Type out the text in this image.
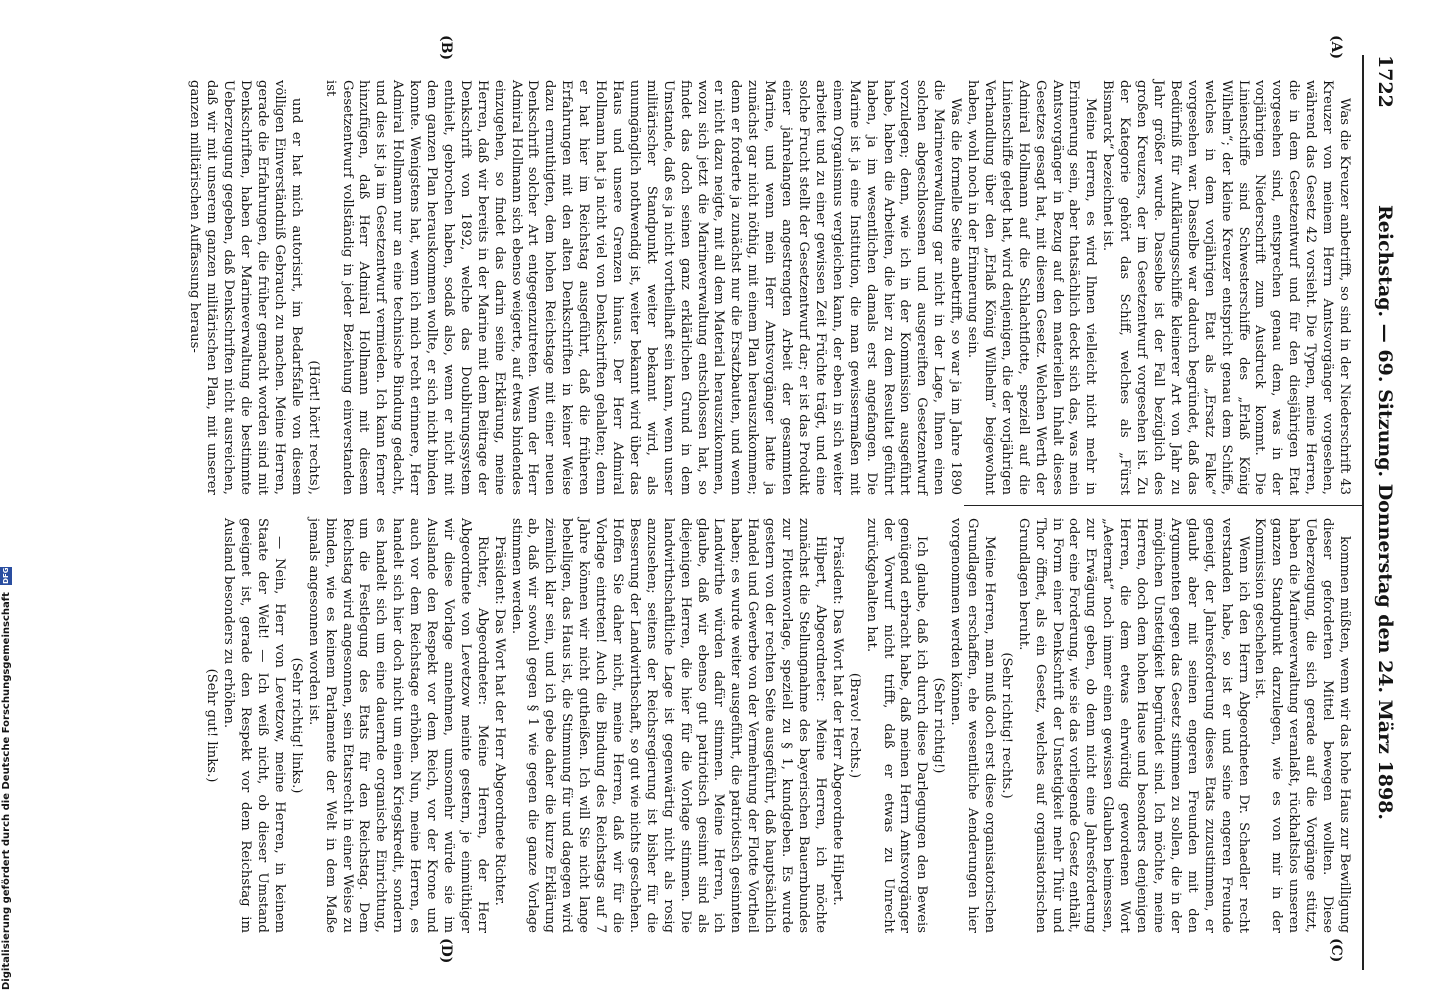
1722
Reichstag. — 69. Sitzung. Donnerstag den 24. März 1898.
(A)
(B)
(C)
(D)

Was die Kreuzer anbetrifft, so sind in der Niederschrift 43 Kreuzer von meinem Herrn Amtsvorgänger vorgesehen, während das Gesetz 42 vorsieht. Die Typen, meine Herren, die in dem Gesetzentwurf und für den diesjährigen Etat vorgesehen sind, entsprechen genau dem, was in der vorjährigen Niederschrift zum Ausdruck kommt. Die Linienschiffe sind Schwesterschiffe des „Erlaß König Wilhelm“; der kleine Kreuzer entspricht genau dem Schiffe, welches in dem vorjährigen Etat als „Ersatz Falke“ vorgesehen war. Dasselbe war dadurch begründet, daß das Bedürfniß für Aufklärungsschiffe kleinerer Art von Jahr zu Jahr größer wurde. Dasselbe ist der Fall bezüglich des großen Kreuzers, der im Gesetzentwurf vorgesehen ist. Zu der Kategorie gehört das Schiff, welches als „Fürst Bismarck“ bezeichnet ist.

Meine Herren, es wird Ihnen vielleicht nicht mehr in Erinnerung sein, aber thatsächlich deckt sich das, was mein Amtsvorgänger in Bezug auf den materiellen Inhalt dieses Gesetzes gesagt hat, mit diesem Gesetz. Welchen Werth der Admiral Hollmann auf die Schlachtflotte, speziell auf die Linienschiffe gelegt hat, wird denjenigen, die der vorjährigen Verhandlung über den „Erlaß König Wilhelm“ beigewohnt haben, wohl noch in der Erinnerung sein.

Was die formelle Seite anbetrifft, so war ja im Jahre 1890 die Marineverwaltung gar nicht in der Lage, Ihnen einen solchen abgeschlossenen und ausgereiften Gesetzentwurf vorzulegen; denn, wie ich in der Kommission ausgeführt habe, haben die Arbeiten, die hier zu dem Resultat geführt haben, ja im wesentlichen damals erst angefangen. Die Marine ist ja eine Institution, die man gewissermaßen mit einem Organismus vergleichen kann, der eben in sich weiter arbeitet und zu einer gewissen Zeit Früchte trägt, und eine solche Frucht stellt der Gesetzentwurf dar; er ist das Produkt einer jahrelangen angestrengten Arbeit der gesammten Marine, und wenn mein Herr Amtsvorgänger hatte ja zunächst gar nicht nöthig, mit einem Plan herauszukommen; denn er forderte ja zunächst nur die Ersatzbauten, und wenn er nicht dazu neigte, mit all dem Material herauszukommen, wozu sich jetzt die Marineverwaltung entschlossen hat, so findet das doch seinen ganz erklärlichen Grund in dem Umstande, daß es ja nicht vortheilhaft sein kann, wenn unser militärischer Standpunkt weiter bekannt wird, als unumgänglich nothwendig ist, weiter bekannt wird über das Haus und unsere Grenzen hinaus. Der Herr Admiral Hollmann hat ja nicht viel von Denkschriften gehalten; denn er hat hier im Reichstag ausgeführt, daß die früheren Erfahrungen mit den alten Denkschriften in keiner Weise dazu ermuthigten, dem hohen Reichstage mit einer neuen Denkschrift solcher Art entgegenzutreten. Wenn der Herr Admiral Hollmann sich ebenso weigerte, auf etwas bindendes einzugehen, so findet das darin seine Erklärung, meine Herren, daß wir bereits in der Marine mit dem Beitrage der Denkschrift von 1892, welche das Doublirungssystem enthielt, gebrochen haben, sodaß also, wenn er nicht mit dem ganzen Plan herauskommen wollte, er sich nicht binden konnte. Wenigstens hat, wenn ich mich recht erinnere, Herr Admiral Hollmann nur an eine technische Bindung gedacht, und dies ist ja im Gesetzentwurf vermieden. Ich kann ferner hinzufügen, daß Herr Admiral Hollmann mit diesem Gesetzentwurf vollständig in jeder Beziehung einverstanden ist

(Hört! hört! rechts),

und er hat mich autorisirt, im Bedarfsfalle von diesem völligen Einverständniß Gebrauch zu machen. Meine Herren, gerade die Erfahrungen, die früher gemacht worden sind mit Denkschriften, haben der Marineverwaltung die bestimmte Ueberzeugung gegeben, daß Denkschriften nicht ausreichen, daß wir mit unserem ganzen militärischen Plan, mit unserer ganzen militärischen Auffassung heraus-

kommen müßten, wenn wir das hohe Haus zur Bewilligung dieser geforderten Mittel bewegen wollten. Diese Ueberzeugung, die sich gerade auf die Vorgänge stützt, haben die Marineverwaltung veranlaßt, rückhaltslos unseren ganzen Standpunkt darzulegen, wie es von mir in der Kommission geschehen ist.

Wenn ich den Herrn Abgeordneten Dr. Schaedler recht verstanden habe, so ist er und seine engeren Freunde geneigt, der Jahresforderung dieses Etats zuzustimmen, er glaubt aber mit seinen engeren Freunden mit den Argumenten gegen das Gesetz stimmen zu sollen, die in der möglichen Unstetigkeit begründet sind. Ich möchte, meine Herren, doch dem hohen Hause und besonders denjenigen Herren, die dem etwas ehrwürdig gewordenen Wort „Aeternat“ noch immer einen gewissen Glauben beimessen, zur Erwägung geben, ob denn nicht eine Jahresforderung oder eine Forderung, wie sie das vorliegende Gesetz enthält, in Form einer Denkschrift der Unstetigkeit mehr Thür und Thor öffnet, als ein Gesetz, welches auf organisatorischen Grundlagen beruht.

(Sehr richtig! rechts.)

Meine Herren, man muß doch erst diese organisatorischen Grundlagen erschaffen, ehe wesentliche Aenderungen hier vorgenommen werden können.

(Sehr richtig!)

Ich glaube, daß ich durch diese Darlegungen den Beweis genügend erbracht habe, daß meinen Herrn Amtsvorgänger der Vorwurf nicht trifft, daß er etwas zu Unrecht zurückgehalten hat.

(Bravo! rechts.)

Präsident: Das Wort hat der Herr Abgeordnete Hilpert.

Hilpert, Abgeordneter: Meine Herren, ich möchte zunächst die Stellungnahme des bayerischen Bauernbundes zur Flottenvorlage, speziell zu § 1, kundgeben. Es wurde gestern von der rechten Seite ausgeführt, daß hauptsächlich Handel und Gewerbe von der Vermehrung der Flotte Vortheil haben; es wurde weiter ausgeführt, die patriotisch gesinnten Landwirthe würden dafür stimmen. Meine Herren, ich glaube, daß wir ebenso gut patriotisch gesinnt sind als diejenigen Herren, die hier für die Vorlage stimmen. Die landwirthschaftliche Lage ist gegenwärtig nicht als rosig anzusehen; seitens der Reichsregierung ist bisher für die Besserung der Landwirthschaft, so gut wie nichts geschehen. Hoffen Sie daher nicht, meine Herren, daß wir für die Vorlage eintreten! Auch die Bindung des Reichstags auf 7 Jahre können wir nicht gutheißen. Ich will Sie nicht lange behelligen, das Haus ist, die Stimmung für und dagegen wird ziemlich klar sein, und ich gebe daher die kurze Erklärung ab, daß wir sowohl gegen § 1 wie gegen die ganze Vorlage stimmen werden.

Präsident: Das Wort hat der Herr Abgeordnete Richter.

Richter, Abgeordneter: Meine Herren, der Herr Abgeordnete von Levetzow meinte gestern, je einmüthiger wir diese Vorlage annehmen, umsomehr würde sie im Auslande den Respekt vor dem Reich, vor der Krone und auch vor dem Reichstage erhöhen. Nun, meine Herren, es handelt sich hier doch nicht um einen Kriegskredit, sondern es handelt sich um eine dauernde organische Einrichtung, um die Festlegung des Etats für den Reichstag. Dem Reichstag wird angesonnen, sein Etatsrecht in einer Weise zu binden, wie es keinem Parlamente der Welt in dem Maße jemals angesonnen worden ist.

(Sehr richtig! links.)

— Nein, Herr von Levetzow, meine Herren, in keinem Staate der Welt! — Ich weiß nicht, ob dieser Umstand geeignet ist, gerade den Respekt vor dem Reichstag im Ausland besonders zu erhöhen.

(Sehr gut! links.)

Digitalisierung gefördert durch die Deutsche Forschungsgemeinschaft DFG
